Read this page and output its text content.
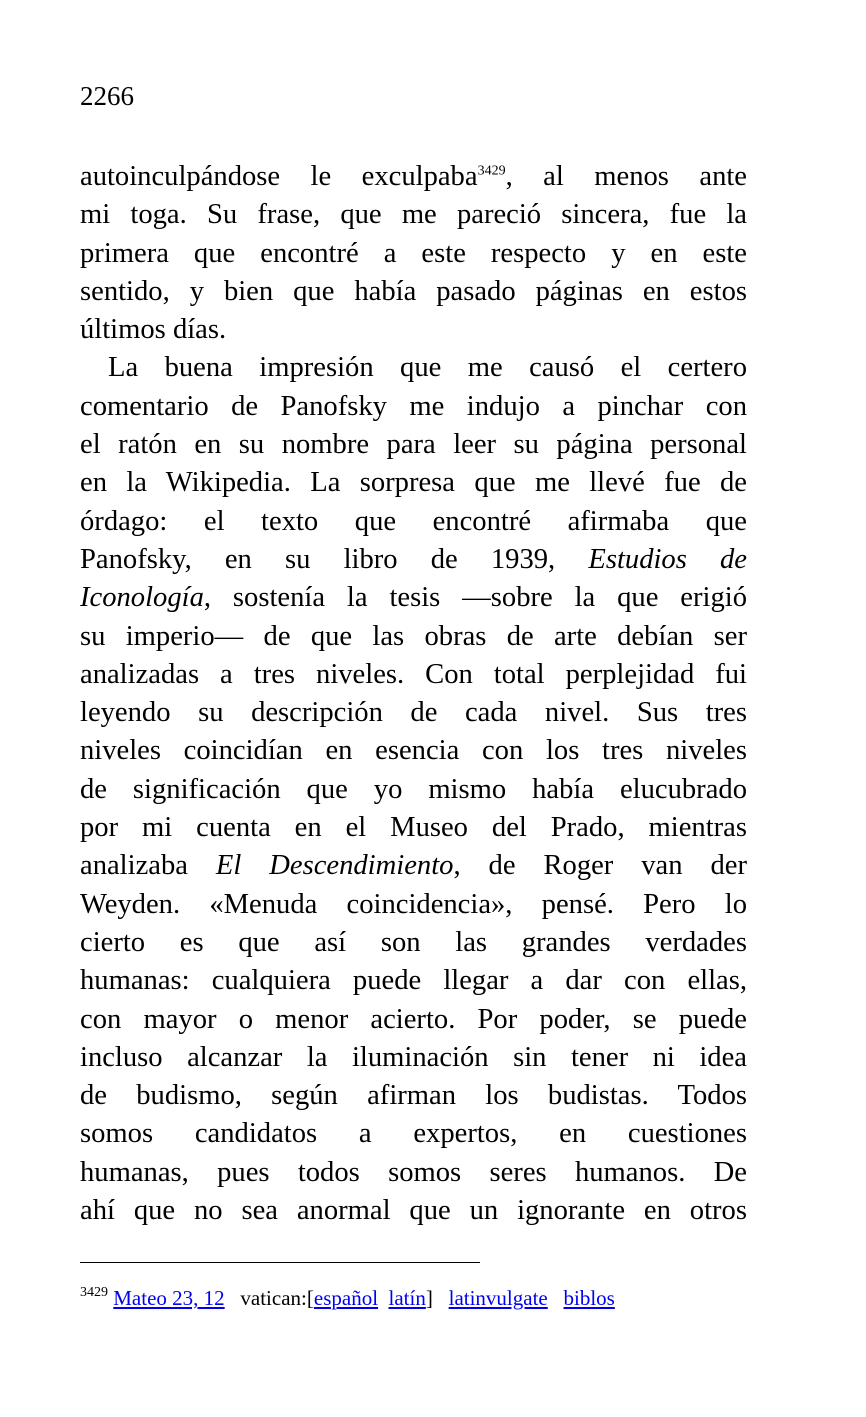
2266

autoinculpándose le exculpaba$^{3429}$, al menos ante
mi toga. Su frase, que me pareció sincera, fue la
primera que encontré a este respecto y en este
sentido, y bien que había pasado páginas en estos
últimos días.

La buena impresión que me causó el certero
comentario de Panofsky me indujo a pinchar con
el ratón en su nombre para leer su página personal
en la Wikipedia. La sorpresa que me llevé fue de
órdago: el texto que encontré afirmaba que
Panofsky, en su libro de 1939, Estudios de
Iconología, sostenía la tesis —sobre la que erigió
su imperio— de que las obras de arte debían ser
analizadas a tres niveles. Con total perplejidad fui
leyendo su descripción de cada nivel. Sus tres
niveles coincidían en esencia con los tres niveles
de significación que yo mismo había elucubrado
por mi cuenta en el Museo del Prado, mientras
analizaba El Descendimiento, de Roger van der
Weyden. «Menuda coincidencia», pensé. Pero lo
cierto es que así son las grandes verdades
humanas: cualquiera puede llegar a dar con ellas,
con mayor o menor acierto. Por poder, se puede
incluso alcanzar la iluminación sin tener ni idea
de budismo, según afirman los budistas. Todos
somos candidatos a expertos, en cuestiones
humanas, pues todos somos seres humanos. De
ahí que no sea anormal que un ignorante en otros

$^{3429}$ Mateo 23, 12 vatican:[español latín] latinvulgate biblos
